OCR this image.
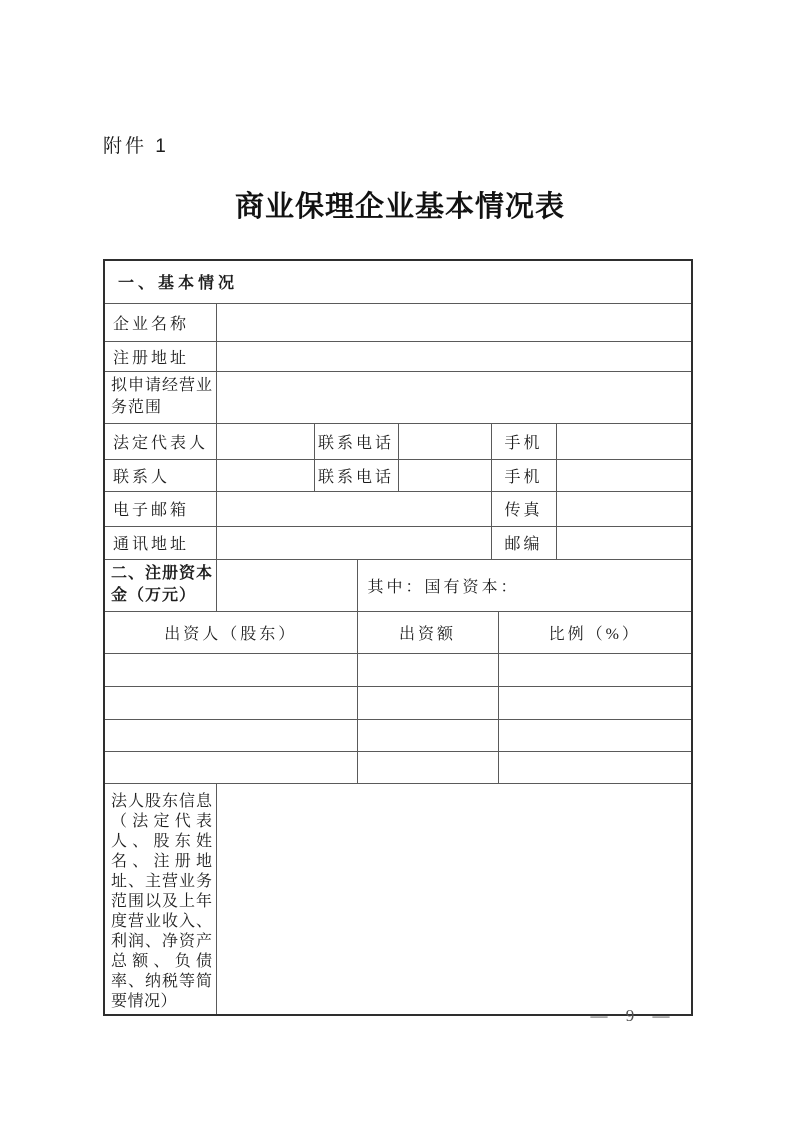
附件 1
商业保理企业基本情况表
一、基本情况							
企业名称							
注册地址							
拟申请经营业务范围							
法定代表人		联系电话			手机		
联系人		联系电话			手机		
电子邮箱					传真		
通讯地址					邮编		
二、注册资本金（万元）			其中：国有资本：				
出资人（股东）			出资额			比例（%）	

法人股东信息（法定代表人、股东姓名、注册地址、主营业务范围以及上年度营业收入、利润、净资产总额、负债率、纳税等简要情况）							
— 9 —
